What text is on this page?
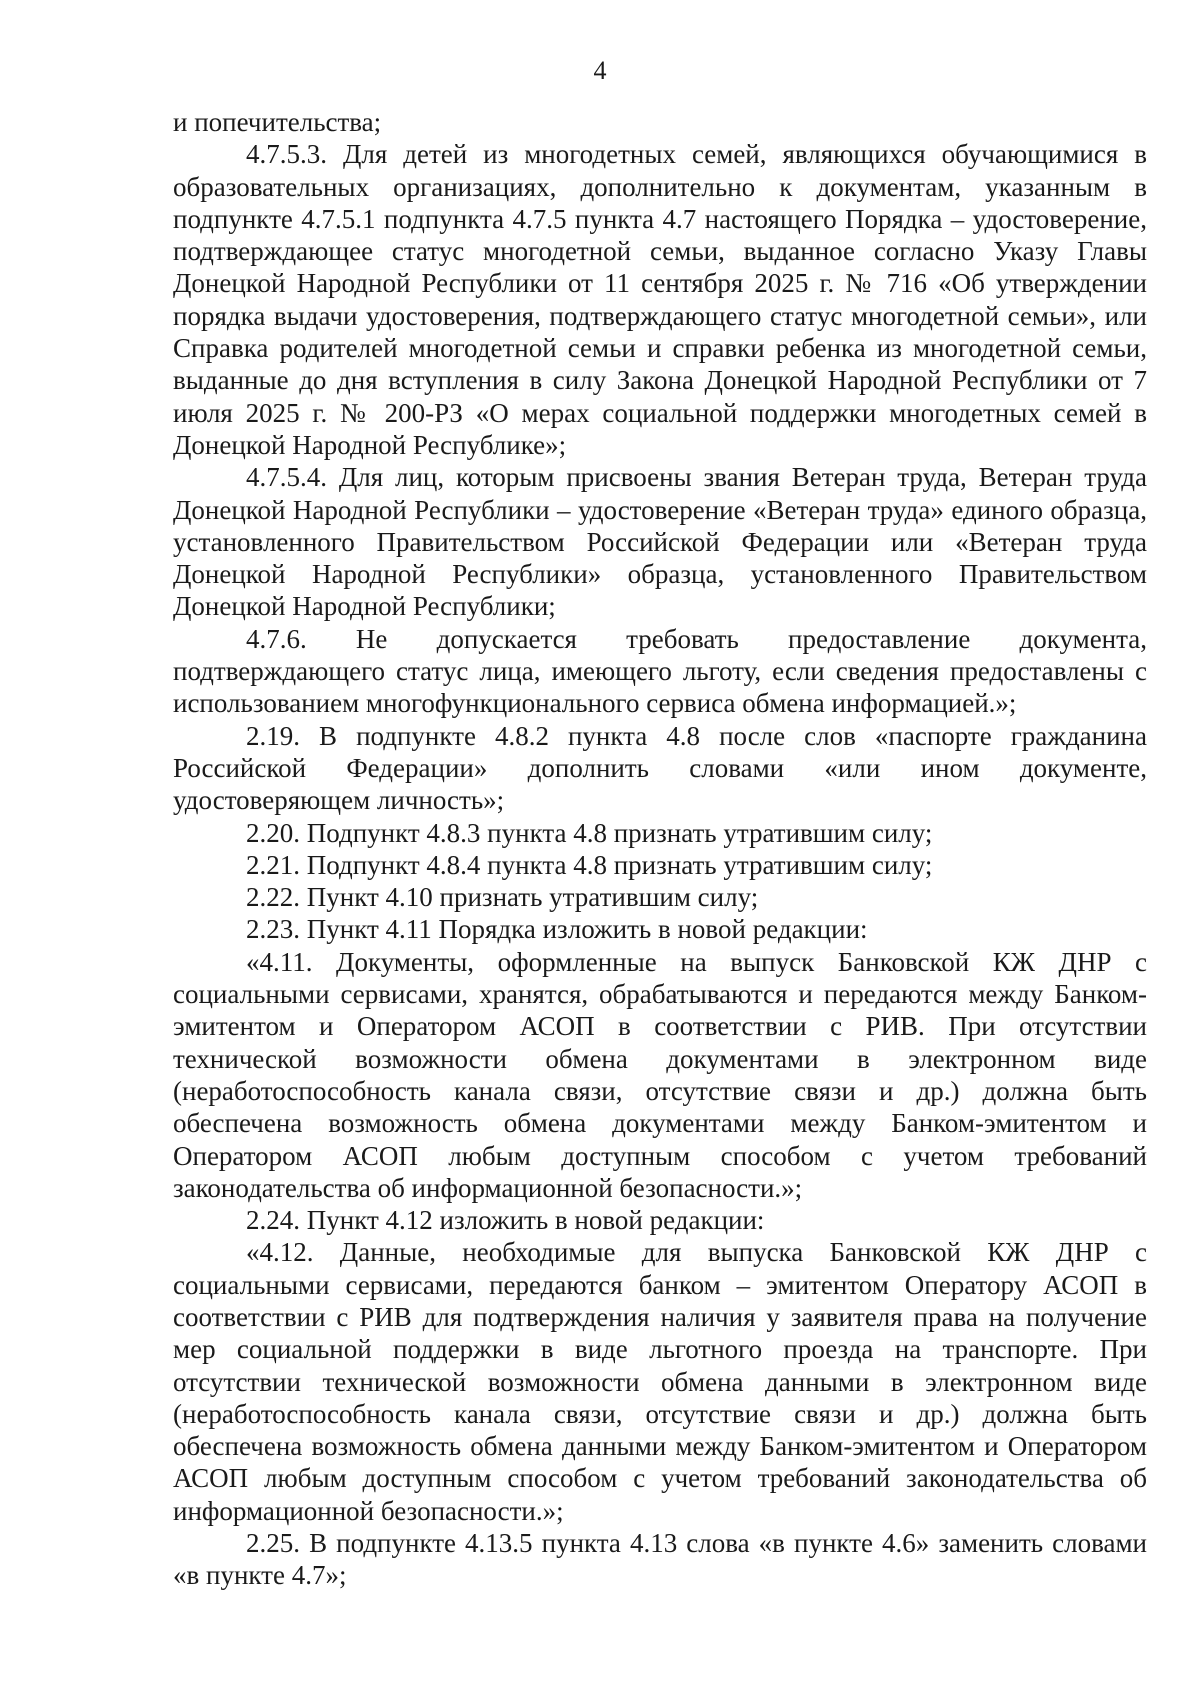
4

и попечительства;

4.7.5.3. Для детей из многодетных семей, являющихся обучающимися в образовательных организациях, дополнительно к документам, указанным в подпункте 4.7.5.1 подпункта 4.7.5 пункта 4.7 настоящего Порядка – удостоверение, подтверждающее статус многодетной семьи, выданное согласно Указу Главы Донецкой Народной Республики от 11 сентября 2025 г. № 716 «Об утверждении порядка выдачи удостоверения, подтверждающего статус многодетной семьи», или Справка родителей многодетной семьи и справки ребенка из многодетной семьи, выданные до дня вступления в силу Закона Донецкой Народной Республики от 7 июля 2025 г. № 200-РЗ «О мерах социальной поддержки многодетных семей в Донецкой Народной Республике»;

4.7.5.4. Для лиц, которым присвоены звания Ветеран труда, Ветеран труда Донецкой Народной Республики – удостоверение «Ветеран труда» единого образца, установленного Правительством Российской Федерации или «Ветеран труда Донецкой Народной Республики» образца, установленного Правительством Донецкой Народной Республики;

4.7.6. Не допускается требовать предоставление документа, подтверждающего статус лица, имеющего льготу, если сведения предоставлены с использованием многофункционального сервиса обмена информацией.»;

2.19. В подпункте 4.8.2 пункта 4.8 после слов «паспорте гражданина Российской Федерации» дополнить словами «или ином документе, удостоверяющем личность»;

2.20. Подпункт 4.8.3 пункта 4.8 признать утратившим силу;

2.21. Подпункт 4.8.4 пункта 4.8 признать утратившим силу;

2.22. Пункт 4.10 признать утратившим силу;

2.23. Пункт 4.11 Порядка изложить в новой редакции:

«4.11. Документы, оформленные на выпуск Банковской КЖ ДНР с социальными сервисами, хранятся, обрабатываются и передаются между Банком-эмитентом и Оператором АСОП в соответствии с РИВ. При отсутствии технической возможности обмена документами в электронном виде (неработоспособность канала связи, отсутствие связи и др.) должна быть обеспечена возможность обмена документами между Банком-эмитентом и Оператором АСОП любым доступным способом с учетом требований законодательства об информационной безопасности.»;

2.24. Пункт 4.12 изложить в новой редакции:

«4.12. Данные, необходимые для выпуска Банковской КЖ ДНР с социальными сервисами, передаются банком – эмитентом Оператору АСОП в соответствии с РИВ для подтверждения наличия у заявителя права на получение мер социальной поддержки в виде льготного проезда на транспорте. При отсутствии технической возможности обмена данными в электронном виде (неработоспособность канала связи, отсутствие связи и др.) должна быть обеспечена возможность обмена данными между Банком-эмитентом и Оператором АСОП любым доступным способом с учетом требований законодательства об информационной безопасности.»;

2.25. В подпункте 4.13.5 пункта 4.13 слова «в пункте 4.6» заменить словами «в пункте 4.7»;
